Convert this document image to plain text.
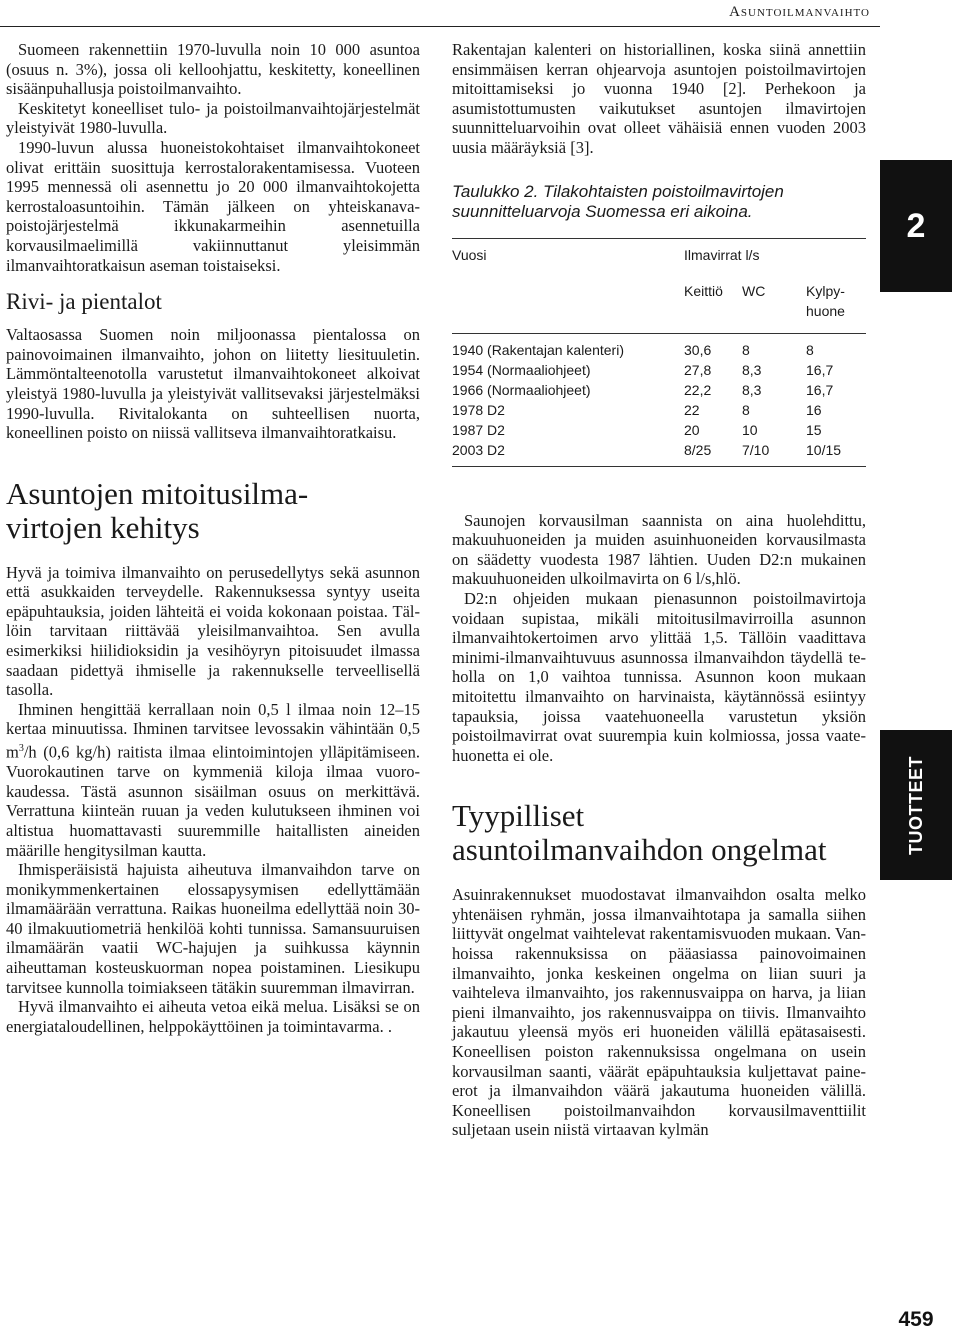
Asuntoilmanvaihto

Suomeen rakennettiin 1970-luvulla noin 10 000 asuntoa (osuus n. 3%), jossa oli kelloohjattu, keskitetty, koneellinen sisäänpuhallusja poistoilmanvaihto.

Keskitetyt koneelliset tulo- ja poistoilmanvaihtojärjestelmät yleistyivät 1980-luvulla.

1990-luvun alussa huoneistokohtaiset ilmanvaihtokoneet olivat erittäin suosittuja kerrostalorakentamisessa. Vuoteen 1995 mennessä oli asennettu jo 20 000 ilmanvaihtokojetta kerrostaloasuntoihin. Tämän jälkeen on yhteiskanavapoistojärjestelmä ikkunakarmeihin asennetuilla korvausilmaelimillä vakiinnuttanut yleisimmän ilmanvaihtoratkaisun aseman toistaiseksi.

Rivi- ja pientalot

Valtaosassa Suomen noin miljoonassa pientalossa on painovoimainen ilmanvaihto, johon on liitetty liesituuletin. Lämmöntalteenotolla varustetut ilmanvaihtokoneet alkoivat yleistyä 1980-luvulla ja yleistyivät vallitsevaksi järjestelmäksi 1990-luvulla. Rivitalokanta on suhteellisen nuorta, koneellinen poisto on niissä vallitseva ilmanvaihtoratkaisu.

Asuntojen mitoitusilma-
virtojen kehitys

Hyvä ja toimiva ilmanvaihto on perusedellytys sekä asunnon että asukkaiden terveydelle. Rakennuksessa syntyy useita epäpuhtauksia, joiden lähteitä ei voida kokonaan poistaa. Tällöin tarvitaan riittävää yleisilmanvaihtoa. Sen avulla esimerkiksi hiilidioksidin ja vesihöyryn pitoisuudet ilmassa saadaan pidettyä ihmiselle ja rakennukselle terveellisellä tasolla.

Ihminen hengittää kerrallaan noin 0,5 l ilmaa noin 12–15 kertaa minuutissa. Ihminen tarvitsee levossakin vähintään 0,5 $m^3/h$ (0,6 kg/h) raitista ilmaa elintoimintojen ylläpitämiseen. Vuorokautinen tarve on kymmeniä kiloja ilmaa vuorokaudessa. Tästä asunnon sisäilman osuus on merkittävä. Verrattuna kiinteän ruuan ja veden kulutukseen ihminen voi altistua huomattavasti suuremmille haitallisten aineiden määrille hengitysilman kautta.

Ihmisperäisistä hajuista aiheutuva ilmanvaihdon tarve on monikymmenkertainen elossapysymisen edellyttämään ilmamäärään verrattuna. Raikas huoneilma edellyttää noin 30-40 ilmakuutiometriä henkilöä kohti tunnissa. Samansuuruisen ilmamäärän vaatii WC-hajujen ja suihkussa käynnin aiheuttaman kosteuskuorman nopea poistaminen. Liesikupu tarvitsee kunnolla toimiakseen tätäkin suuremman ilmavirran.

Hyvä ilmanvaihto ei aiheuta vetoa eikä melua. Lisäksi se on energiataloudellinen, helppokäyttöinen ja toimintavarma. .

Rakentajan kalenteri on historiallinen, koska siinä annettiin ensimmäisen kerran ohjearvoja asuntojen poistoilmavirtojen mitoittamiseksi jo vuonna 1940 [2]. Perhekoon ja asumistottumusten vaikutukset asuntojen ilmavirtojen suunnitteluarvoihin ovat olleet vähäisiä ennen vuoden 2003 uusia määräyksiä [3].

Taulukko 2. Tilakohtaisten poistoilmavirtojen
suunnitteluarvoja Suomessa eri aikoina.

Vuosi	Ilmavirrat l/s		
	Keittiö	WC	Kylpy-
huone

1940 (Rakentajan kalenteri)	30,6	8	8
1954 (Normaaliohjeet)	27,8	8,3	16,7
1966 (Normaaliohjeet)	22,2	8,3	16,7
1978 D2	22	8	16
1987 D2	20	10	15
2003 D2	8/25	7/10	10/15

Saunojen korvausilman saannista on aina huolehdittu, makuuhuoneiden ja muiden asuinhuoneiden korvausilmasta on säädetty vuodesta 1987 lähtien. Uuden D2:n mukainen makuuhuoneiden ulkoilmavirta on 6 l/s,hlö.

D2:n ohjeiden mukaan pienasunnon poistoilmavirtoja voidaan supistaa, mikäli mitoitusilmavirroilla asunnon ilmanvaihtokertoimen arvo ylittää 1,5. Tällöin vaadittava minimi-ilmanvaihtuvuus asunnossa ilmanvaihdon täydellä teholla on 1,0 vaihtoa tunnissa. Asunnon koon mukaan mitoitettu ilmanvaihto on harvinaista, käytännössä esiintyy tapauksia, joissa vaatehuoneella varustetun yksiön poistoilmavirrat ovat suurempia kuin kolmiossa, jossa vaatehuonetta ei ole.

Tyypilliset
asuntoilmanvaihdon ongelmat

Asuinrakennukset muodostavat ilmanvaihdon osalta melko yhtenäisen ryhmän, jossa ilmanvaihtotapa ja samalla siihen liittyvät ongelmat vaihtelevat rakentamisvuoden mukaan. Vanhoissa rakennuksissa on pääasiassa painovoimainen ilmanvaihto, jonka keskeinen ongelma on liian suuri ja vaihteleva ilmanvaihto, jos rakennusvaippa on harva, ja liian pieni ilmanvaihto, jos rakennusvaippa on tiivis. Ilmanvaihto jakautuu yleensä myös eri huoneiden välillä epätasaisesti. Koneellisen poiston rakennuksissa ongelmana on usein korvausilman saanti, väärät epäpuhtauksia kuljettavat paine-erot ja ilmanvaihdon väärä jakautuma huoneiden välillä. Koneellisen poistoilmanvaihdon korvausilmaventtiilit suljetaan usein niistä virtaavan kylmän

2
TUOTTEET
459
